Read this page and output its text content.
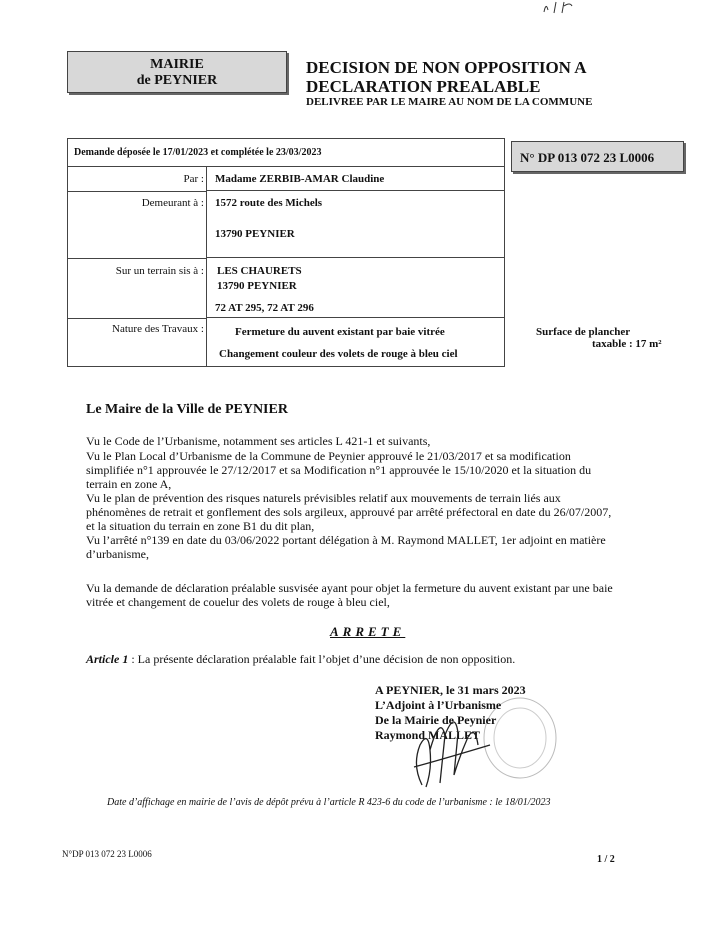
MAIRIE
de PEYNIER
DECISION DE NON OPPOSITION A
DECLARATION PREALABLE
DELIVREE PAR LE MAIRE AU NOM DE LA COMMUNE
Demande déposée le 17/01/2023 et complétée le 23/03/2023	N° DP 013 072 23 L0006
Par : Madame ZERBIB-AMAR Claudine
Demeurant à : 1572 route des Michels
13790 PEYNIER
Sur un terrain sis à : LES CHAURETS
13790 PEYNIER
72 AT 295, 72 AT 296
Nature des Travaux :	Fermeture du auvent existant par baie vitrée
Changement couleur des volets de rouge à bleu ciel
Surface de plancher
taxable : 17 m²
Le Maire de la Ville de PEYNIER
Vu le Code de l’Urbanisme, notamment ses articles L 421-1 et suivants,
Vu le Plan Local d’Urbanisme de la Commune de Peynier approuvé le 21/03/2017 et sa modification
simplifiée n°1 approuvée le 27/12/2017 et sa Modification n°1 approuvée le 15/10/2020 et la situation du
terrain en zone A,
Vu le plan de prévention des risques naturels prévisibles relatif aux mouvements de terrain liés aux
phénomènes de retrait et gonflement des sols argileux, approuvé par arrêté préfectoral en date du 26/07/2007,
et la situation du terrain en zone B1 du dit plan,
Vu l’arrêté n°139 en date du 03/06/2022 portant délégation à M. Raymond MALLET, 1er adjoint en matière
d’urbanisme,
Vu la demande de déclaration préalable susvisée ayant pour objet la fermeture du auvent existant par une baie
vitrée et changement de couelur des volets de rouge à bleu ciel,
ARRETE
Article 1 : La présente déclaration préalable fait l’objet d’une décision de non opposition.
A PEYNIER, le 31 mars 2023
L’Adjoint à l’Urbanisme
De la Mairie de Peynier
Raymond MALLET
Date d’affichage en mairie de l’avis de dépôt prévu à l’article R 423-6 du code de l’urbanisme : le 18/01/2023
N°DP 013 072 23 L0006	1 / 2
